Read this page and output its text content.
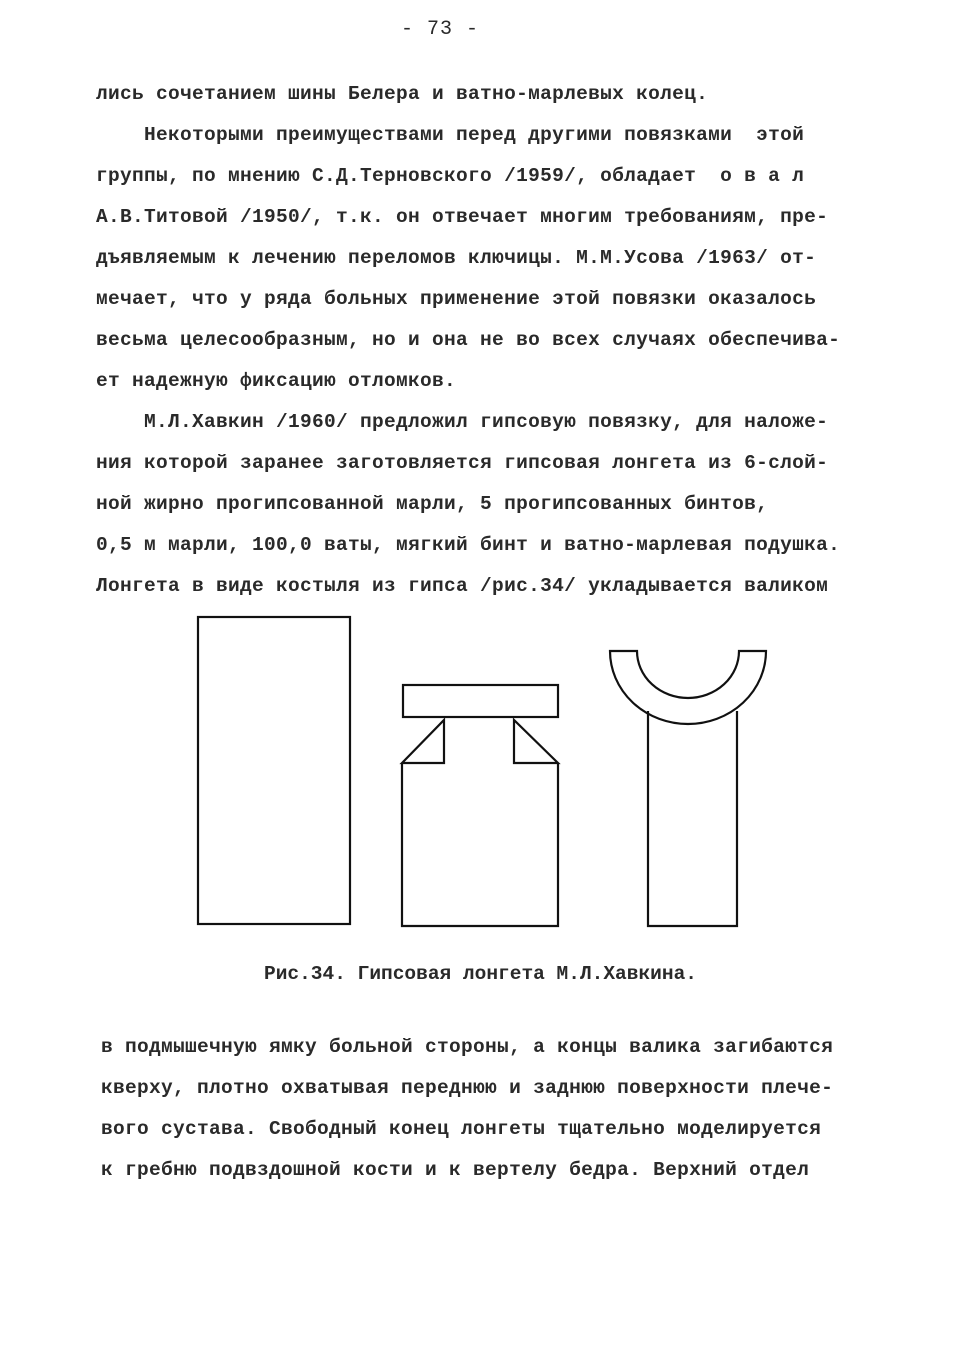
- 73 -
лись сочетанием шины Белера и ватно-марлевых колец.
Некоторыми преимуществами перед другими повязками  этой
группы, по мнению С.Д.Терновского /1959/, обладает  о в а л
А.В.Титовой /1950/, т.к. он отвечает многим требованиям, пре-
дъявляемым к лечению переломов ключицы. М.М.Усова /1963/ от-
мечает, что у ряда больных применение этой повязки оказалось
весьма целесообразным, но и она не во всех случаях обеспечива-
ет надежную фиксацию отломков.
М.Л.Хавкин /1960/ предложил гипсовую повязку, для наложе-
ния которой заранее заготовляется гипсовая лонгета из 6-слой-
ной жирно прогипсованной марли, 5 прогипсованных бинтов,
0,5 м марли, 100,0 ваты, мягкий бинт и ватно-марлевая подушка.
Лонгета в виде костыля из гипса /рис.34/ укладывается валиком
Рис.34. Гипсовая лонгета М.Л.Хавкина.
в подмышечную ямку больной стороны, а концы валика загибаются
кверху, плотно охватывая переднюю и заднюю поверхности плече-
вого сустава. Свободный конец лонгеты тщательно моделируется
к гребню подвздошной кости и к вертелу бедра. Верхний отдел
